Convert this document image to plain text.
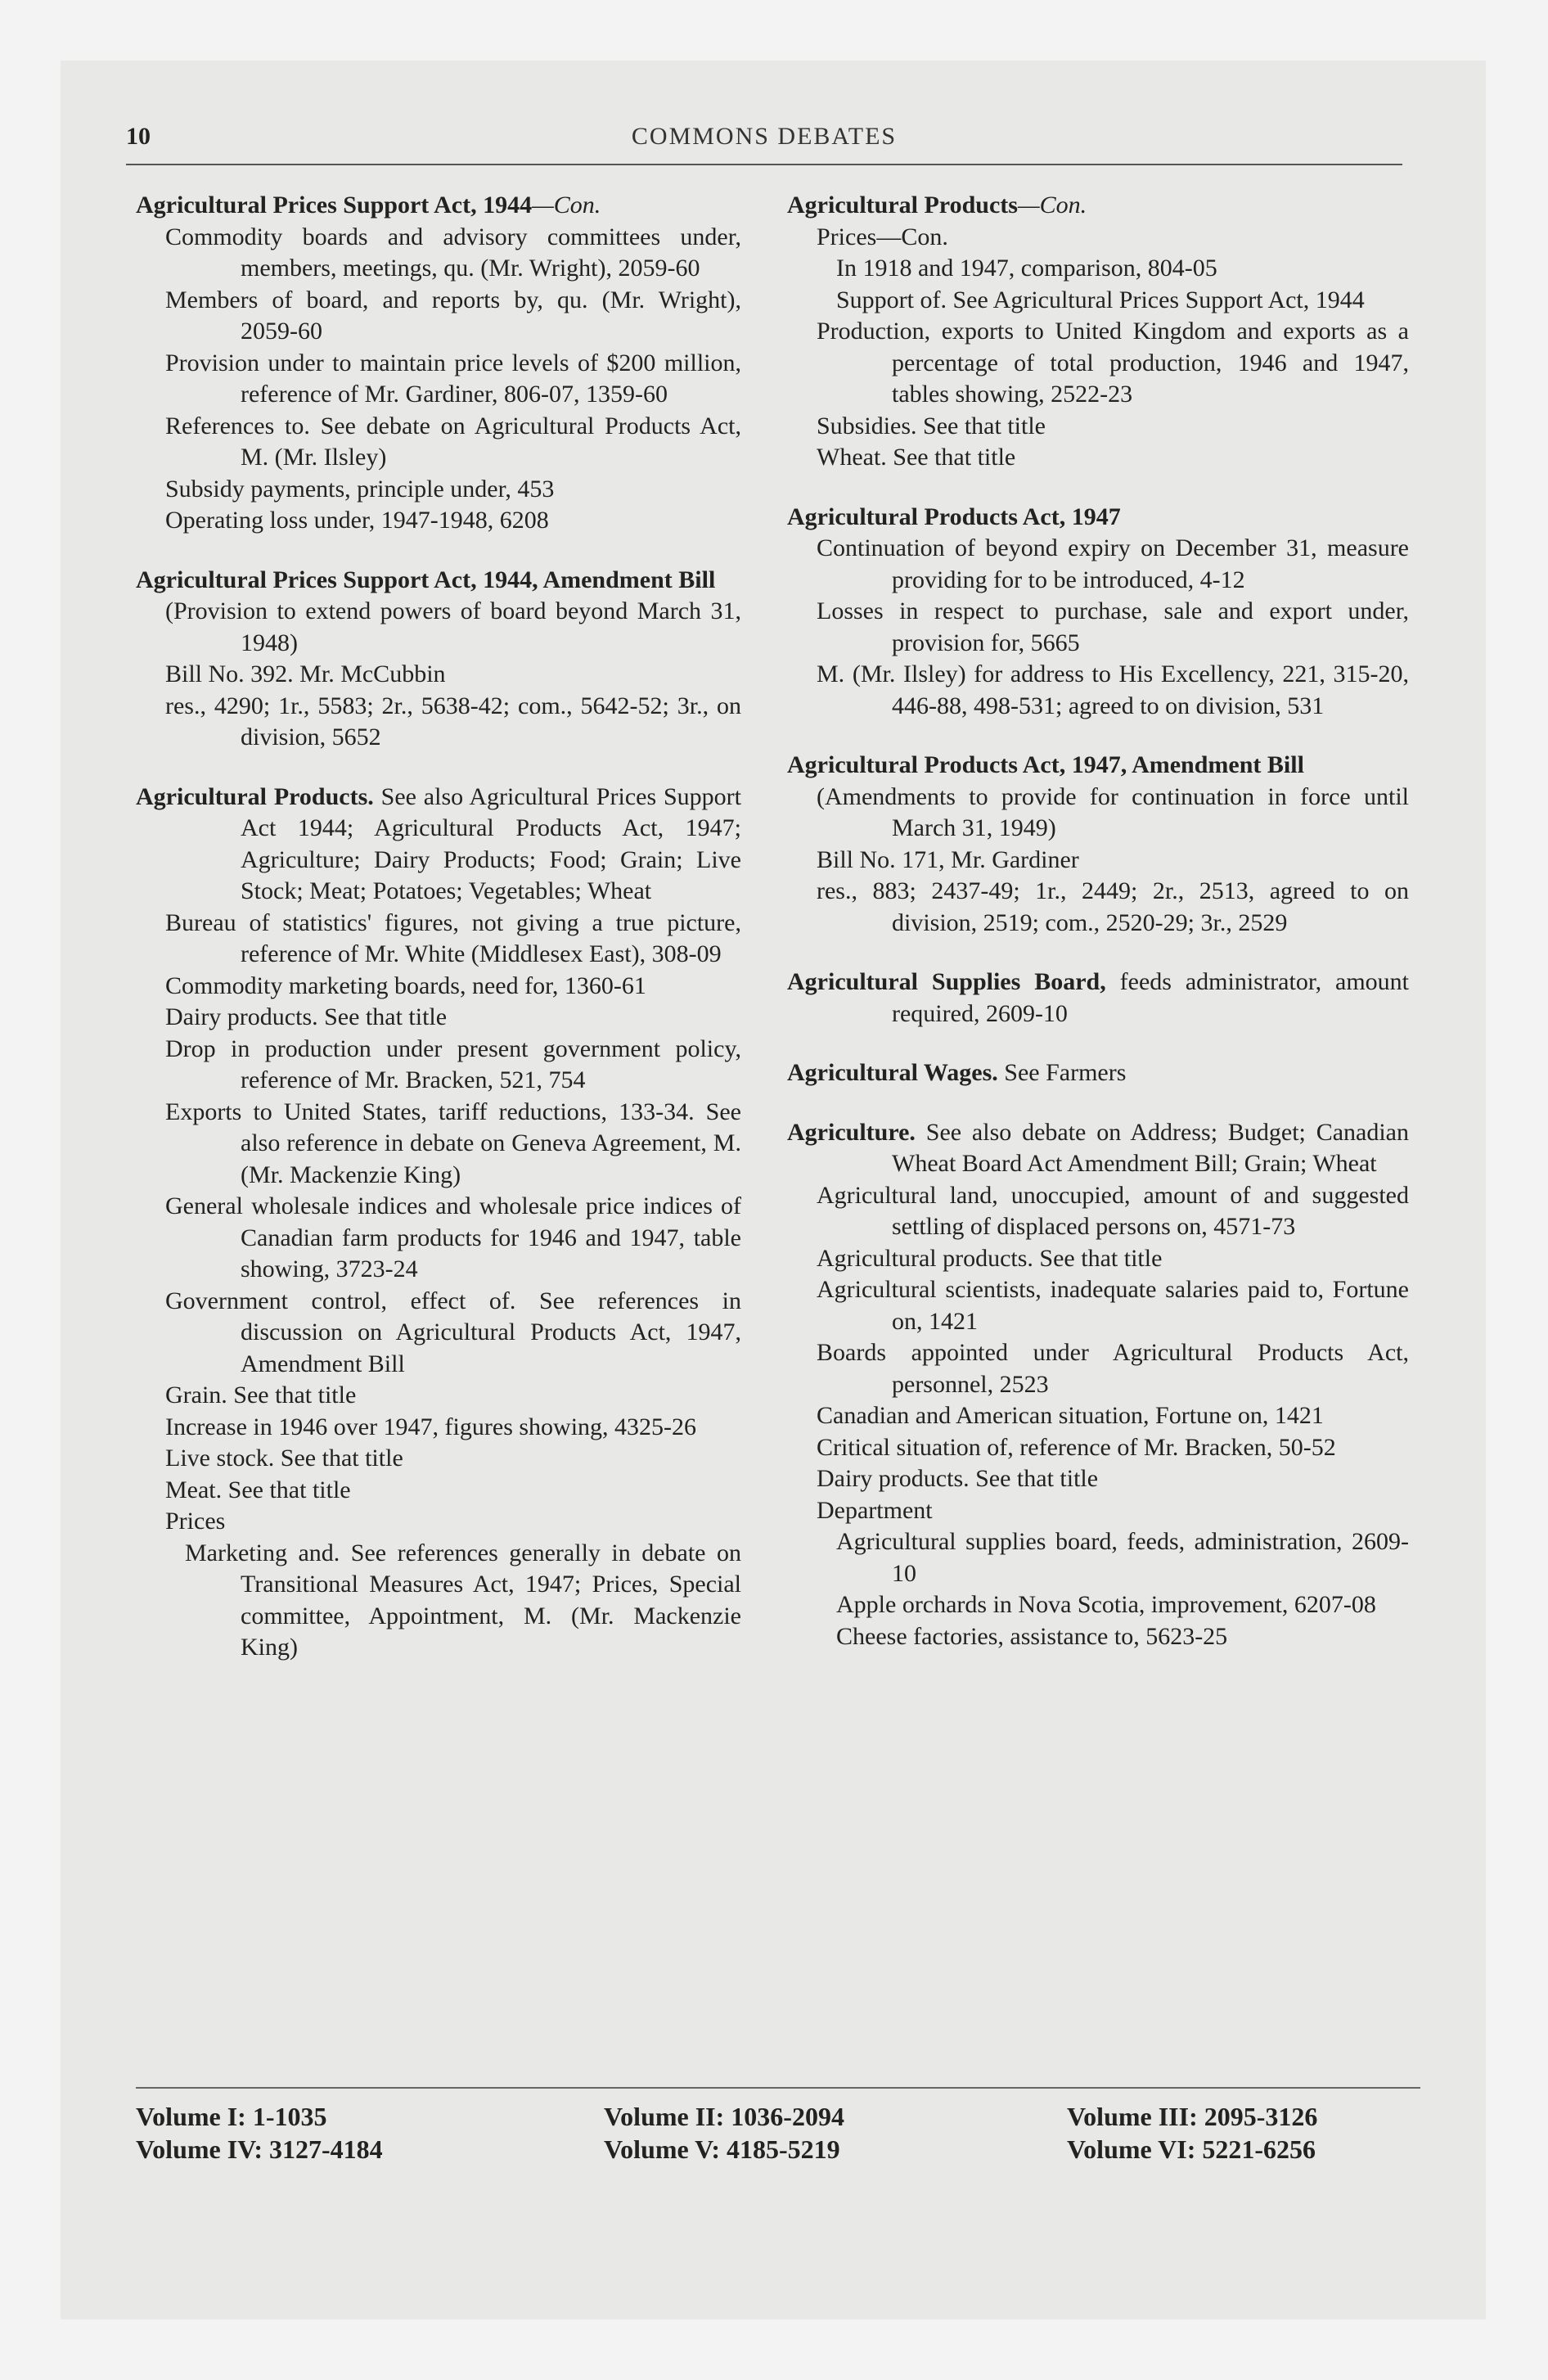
10	COMMONS DEBATES
Agricultural Prices Support Act, 1944—Con.
Commodity boards and advisory committees under, members, meetings, qu. (Mr. Wright), 2059-60
Members of board, and reports by, qu. (Mr. Wright), 2059-60
Provision under to maintain price levels of $200 million, reference of Mr. Gardiner, 806-07, 1359-60
References to. See debate on Agricultural Products Act, M. (Mr. Ilsley)
Subsidy payments, principle under, 453
Operating loss under, 1947-1948, 6208
Agricultural Prices Support Act, 1944, Amendment Bill
(Provision to extend powers of board beyond March 31, 1948)
Bill No. 392. Mr. McCubbin
res., 4290; 1r., 5583; 2r., 5638-42; com., 5642-52; 3r., on division, 5652
Agricultural Products. See also Agricultural Prices Support Act 1944; Agricultural Products Act, 1947; Agriculture; Dairy Products; Food; Grain; Live Stock; Meat; Potatoes; Vegetables; Wheat
Bureau of statistics' figures, not giving a true picture, reference of Mr. White (Middlesex East), 308-09
Commodity marketing boards, need for, 1360-61
Dairy products. See that title
Drop in production under present government policy, reference of Mr. Bracken, 521, 754
Exports to United States, tariff reductions, 133-34. See also reference in debate on Geneva Agreement, M. (Mr. Mackenzie King)
General wholesale indices and wholesale price indices of Canadian farm products for 1946 and 1947, table showing, 3723-24
Government control, effect of. See references in discussion on Agricultural Products Act, 1947, Amendment Bill
Grain. See that title
Increase in 1946 over 1947, figures showing, 4325-26
Live stock. See that title
Meat. See that title
Prices
Marketing and. See references generally in debate on Transitional Measures Act, 1947; Prices, Special committee, Appointment, M. (Mr. Mackenzie King)
Agricultural Products—Con.
Prices—Con.
In 1918 and 1947, comparison, 804-05
Support of. See Agricultural Prices Support Act, 1944
Production, exports to United Kingdom and exports as a percentage of total production, 1946 and 1947, tables showing, 2522-23
Subsidies. See that title
Wheat. See that title
Agricultural Products Act, 1947
Continuation of beyond expiry on December 31, measure providing for to be introduced, 4-12
Losses in respect to purchase, sale and export under, provision for, 5665
M. (Mr. Ilsley) for address to His Excellency, 221, 315-20, 446-88, 498-531; agreed to on division, 531
Agricultural Products Act, 1947, Amendment Bill
(Amendments to provide for continuation in force until March 31, 1949)
Bill No. 171, Mr. Gardiner
res., 883; 2437-49; 1r., 2449; 2r., 2513, agreed to on division, 2519; com., 2520-29; 3r., 2529
Agricultural Supplies Board, feeds administrator, amount required, 2609-10
Agricultural Wages. See Farmers
Agriculture. See also debate on Address; Budget; Canadian Wheat Board Act Amendment Bill; Grain; Wheat
Agricultural land, unoccupied, amount of and suggested settling of displaced persons on, 4571-73
Agricultural products. See that title
Agricultural scientists, inadequate salaries paid to, Fortune on, 1421
Boards appointed under Agricultural Products Act, personnel, 2523
Canadian and American situation, Fortune on, 1421
Critical situation of, reference of Mr. Bracken, 50-52
Dairy products. See that title
Department
Agricultural supplies board, feeds, administration, 2609-10
Apple orchards in Nova Scotia, improvement, 6207-08
Cheese factories, assistance to, 5623-25
Volume I: 1-1035	Volume II: 1036-2094	Volume III: 2095-3126
Volume IV: 3127-4184	Volume V: 4185-5219	Volume VI: 5221-6256
